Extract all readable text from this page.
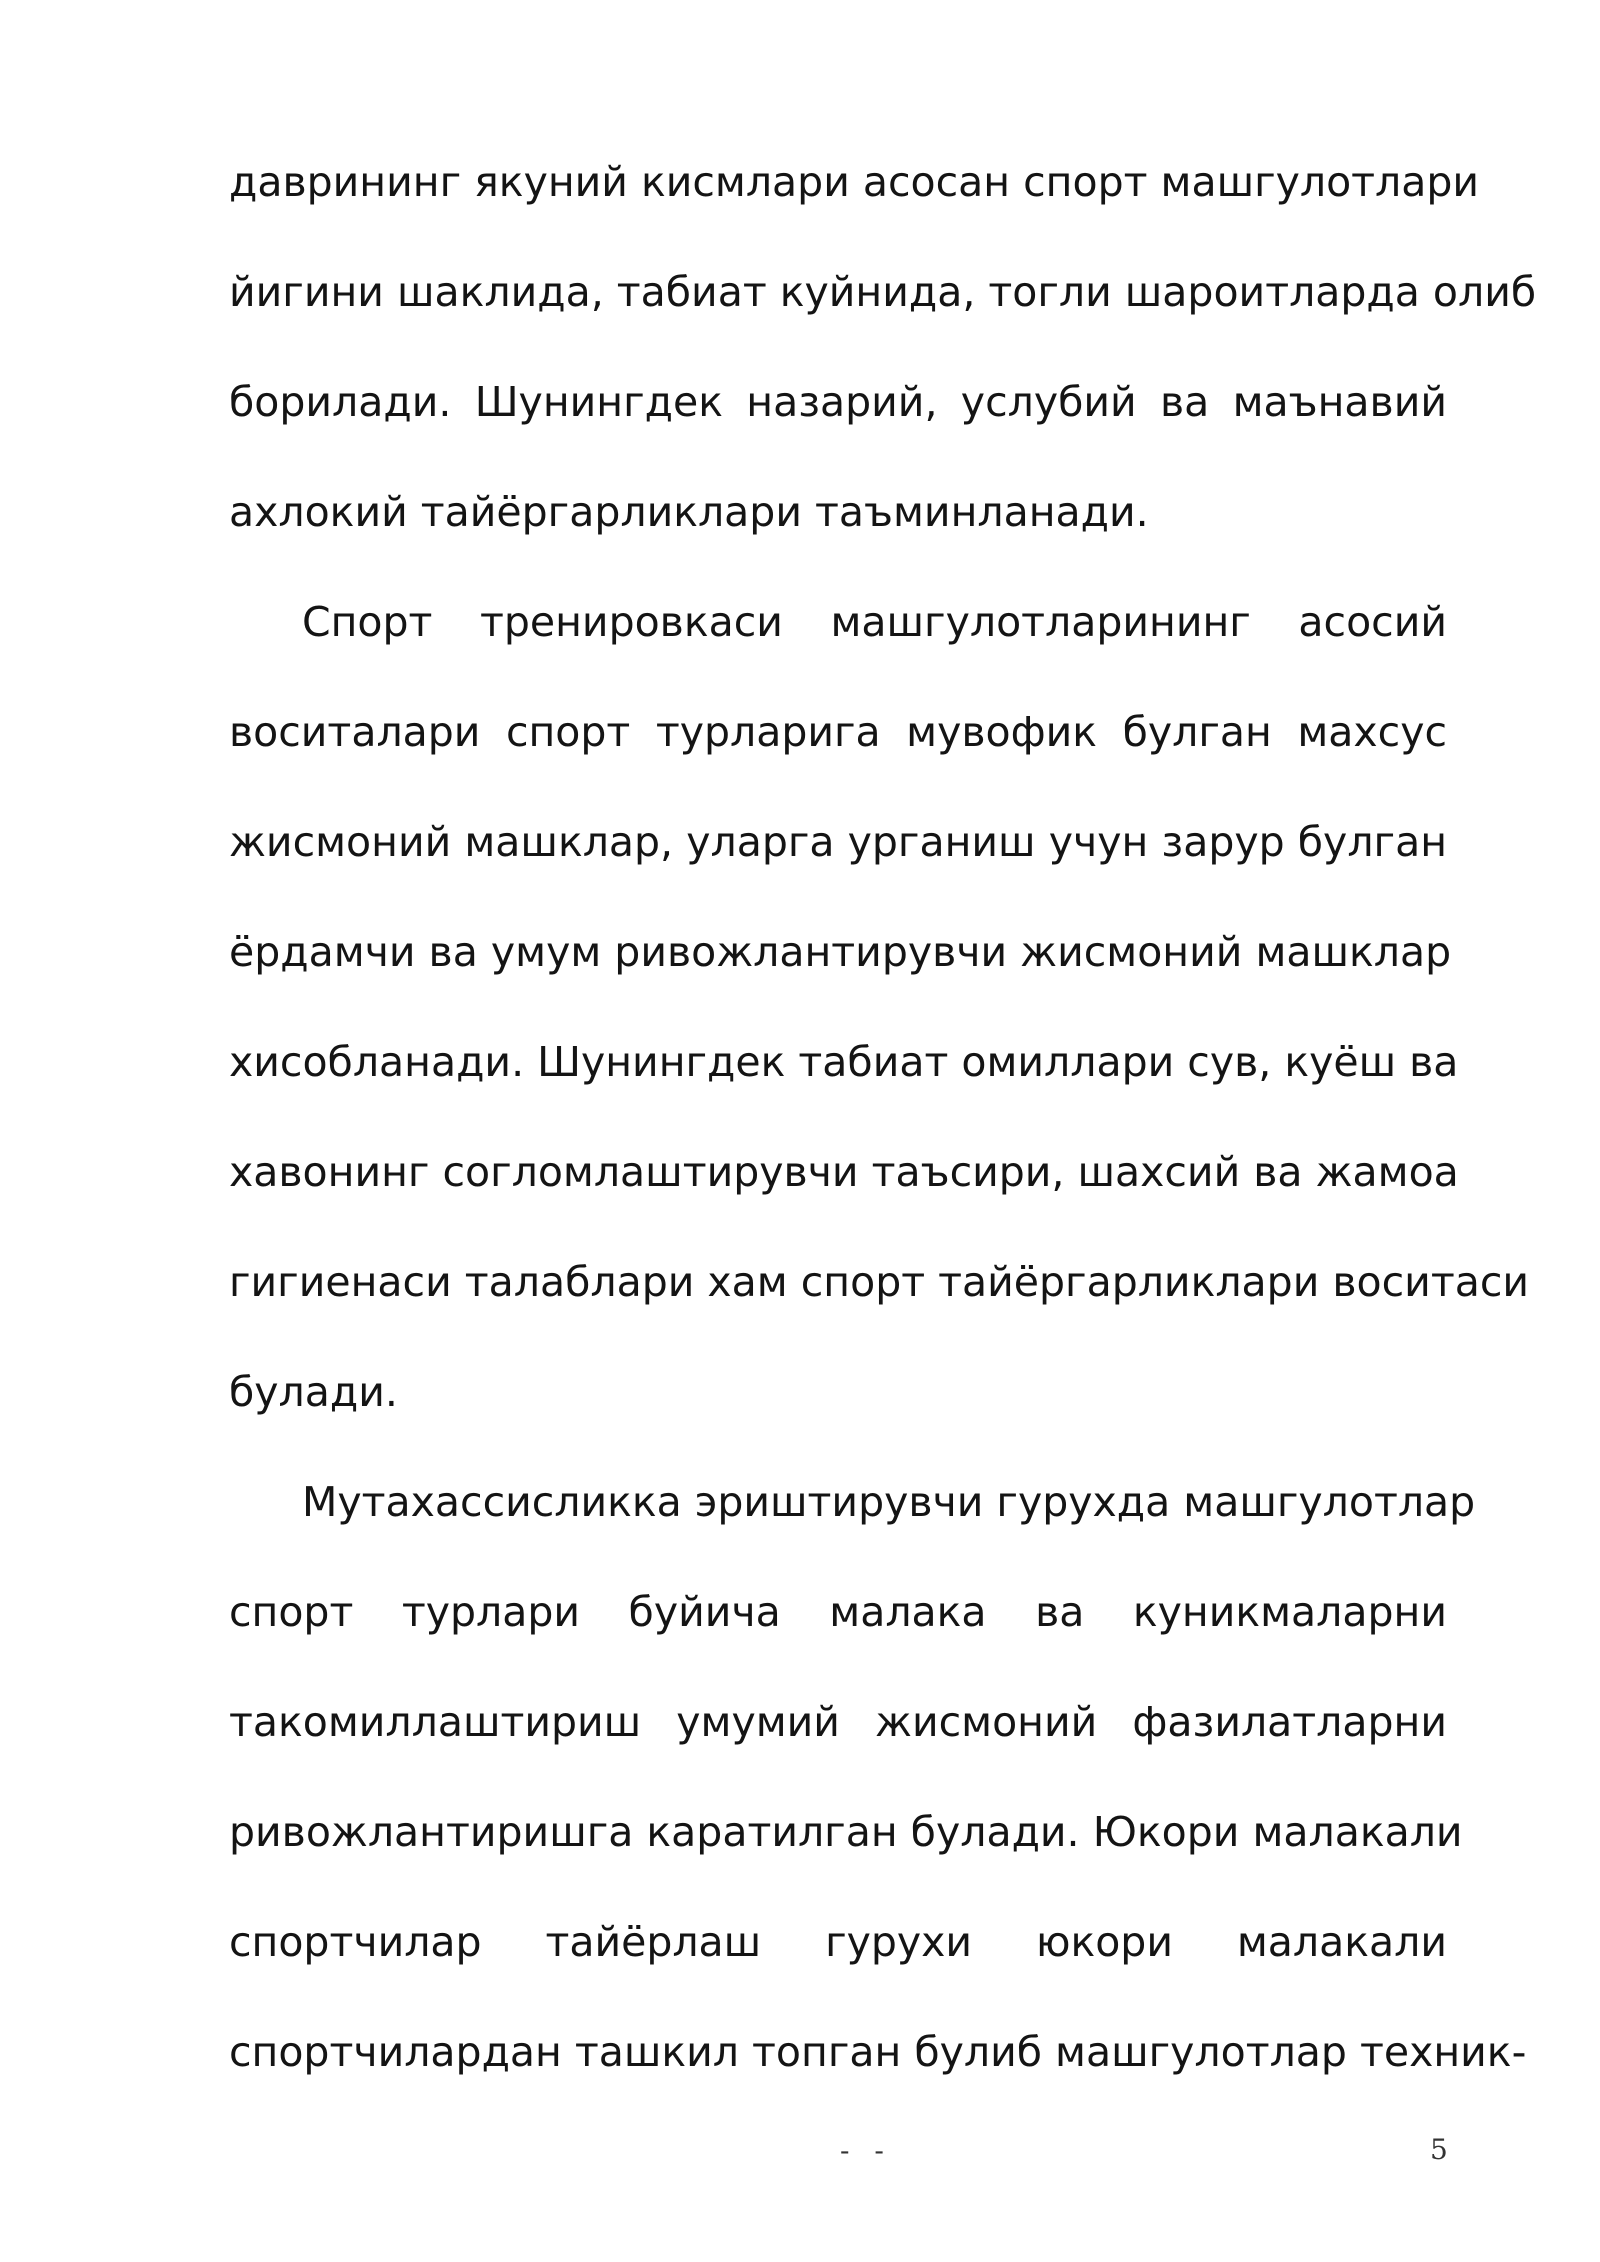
даврининг якуний кисмлари асосан спорт машгулотлари
йигини шаклида, табиат куйнида, тогли шароитларда олиб
борилади. Шунингдек назарий, услубий ва маънавий
ахлокий тайёргарликлари таъминланади.
Спорт тренировкаси машгулотларининг асосий
воситалари спорт турларига мувофик булган махсус
жисмоний машклар, уларга урганиш учун зарур булган
ёрдамчи ва умум ривожлантирувчи жисмоний машклар
хисобланади. Шунингдек табиат омиллари сув, куёш ва
хавонинг согломлаштирувчи таъсири, шахсий ва жамоа
гигиенаси талаблари хам спорт тайёргарликлари воситаси
булади.
Мутахассисликка эриштирувчи гурухда машгулотлар
спорт турлари буйича малака ва куникмаларни
такомиллаштириш умумий жисмоний фазилатларни
ривожлантиришга каратилган булади. Юкори малакали
спортчилар тайёрлаш гурухи юкори малакали
спортчилардан ташкил топган булиб машгулотлар техник-
- -	5
